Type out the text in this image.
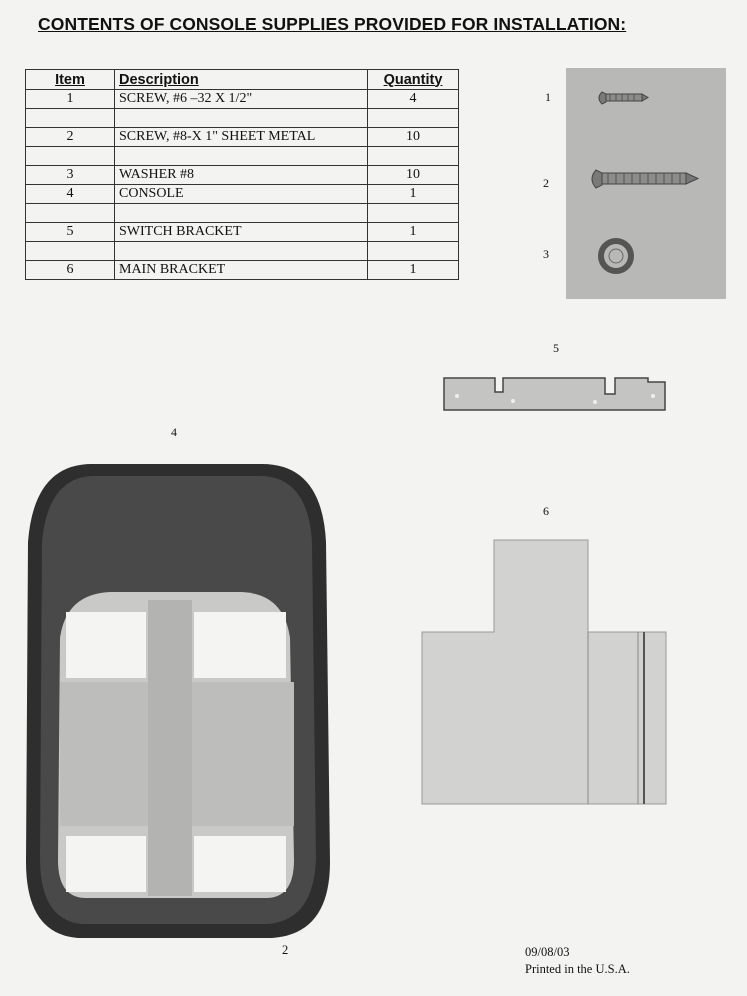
CONTENTS OF CONSOLE SUPPLIES PROVIDED FOR INSTALLATION:
Item	Description	Quantity
1	SCREW, #6 –32 X 1/2"	4

2	SCREW, #8-X 1" SHEET METAL	10

3	WASHER #8	10
4	CONSOLE	1

5	SWITCH BRACKET	1

6	MAIN BRACKET	1
1
2
3
5
4
6
2	09/08/03
Printed in the U.S.A.
